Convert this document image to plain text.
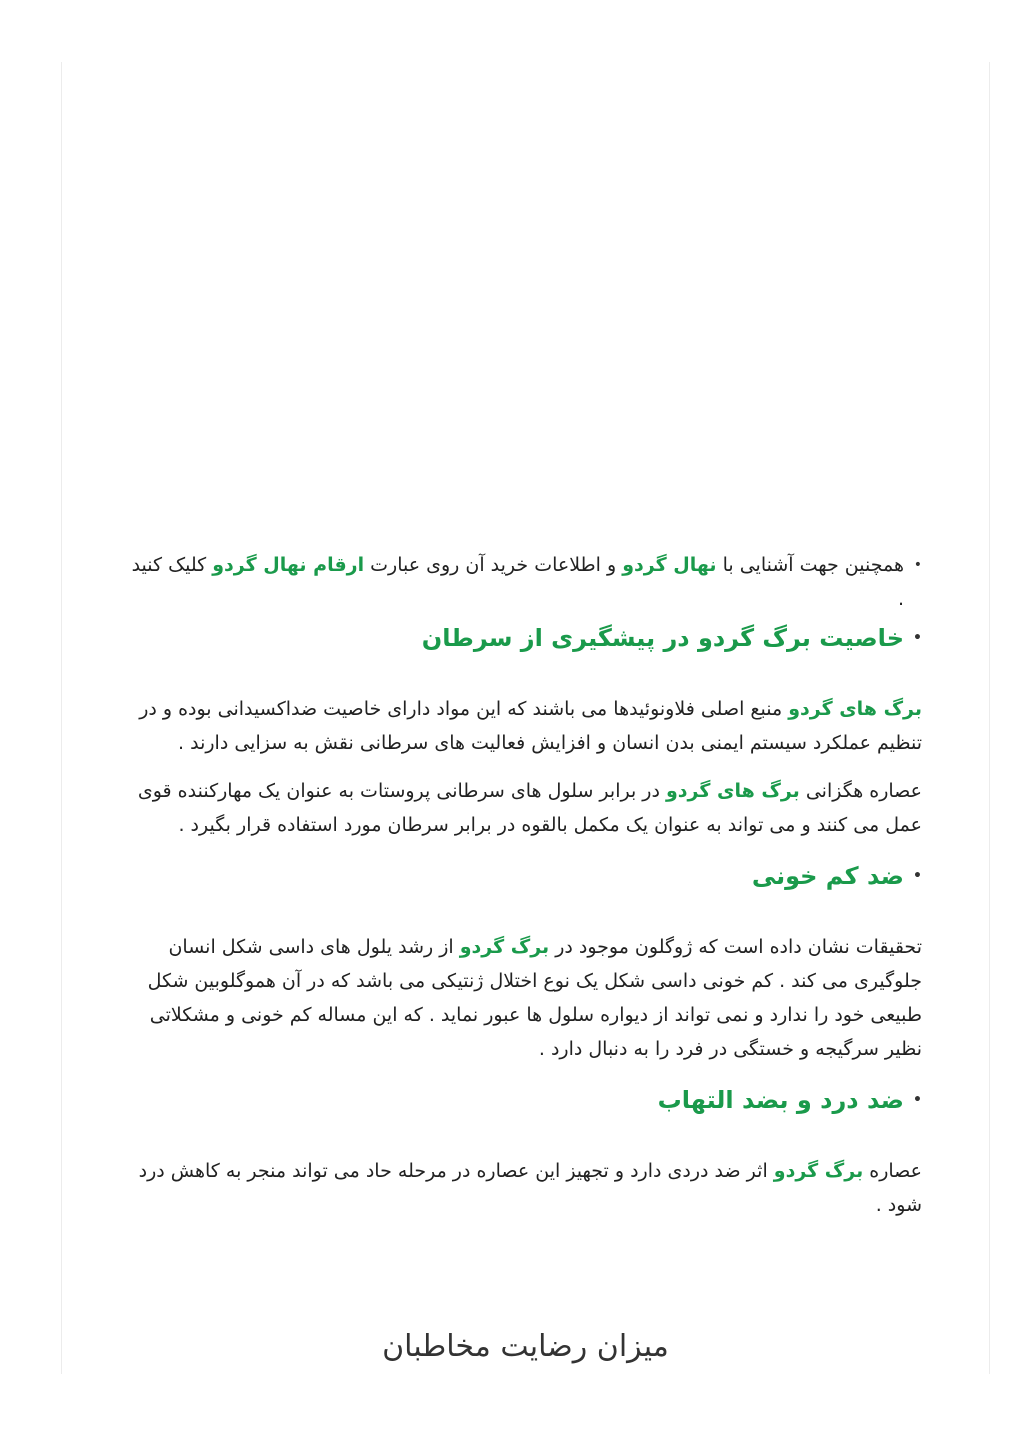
• همچنین جهت آشنایی با نهال گردو و اطلاعات خرید آن روی عبارت ارقام نهال گردو کلیک کنید .
• خاصیت برگ گردو در پیشگیری از سرطان

برگ های گردو منبع اصلی فلاونوئیدها می باشند که این مواد دارای خاصیت ضداکسیدانی بوده و در تنظیم عملکرد سیستم ایمنی بدن انسان و افزایش فعالیت های سرطانی نقش به سزایی دارند .

عصاره هگزانی برگ های گردو در برابر سلول های سرطانی پروستات به عنوان یک مهارکننده قوی عمل می کنند و می تواند به عنوان یک مکمل بالقوه در برابر سرطان مورد استفاده قرار بگیرد .

• ضد کم خونی

تحقیقات نشان داده است که ژوگلون موجود در برگ گردو از رشد یلول های داسی شکل انسان جلوگیری می کند . کم خونی داسی شکل یک نوع اختلال ژنتیکی می باشد که در آن هموگلوبین شکل طبیعی خود را ندارد و نمی تواند از دیواره سلول ها عبور نماید . که این مساله کم خونی و مشکلاتی نظیر سرگیجه و خستگی در فرد را به دنبال دارد .

• ضد درد و بضد التهاب

عصاره برگ گردو اثر ضد دردی دارد و تجهیز این عصاره در مرحله حاد می تواند منجر به کاهش درد شود .

میزان رضایت مخاطبان
